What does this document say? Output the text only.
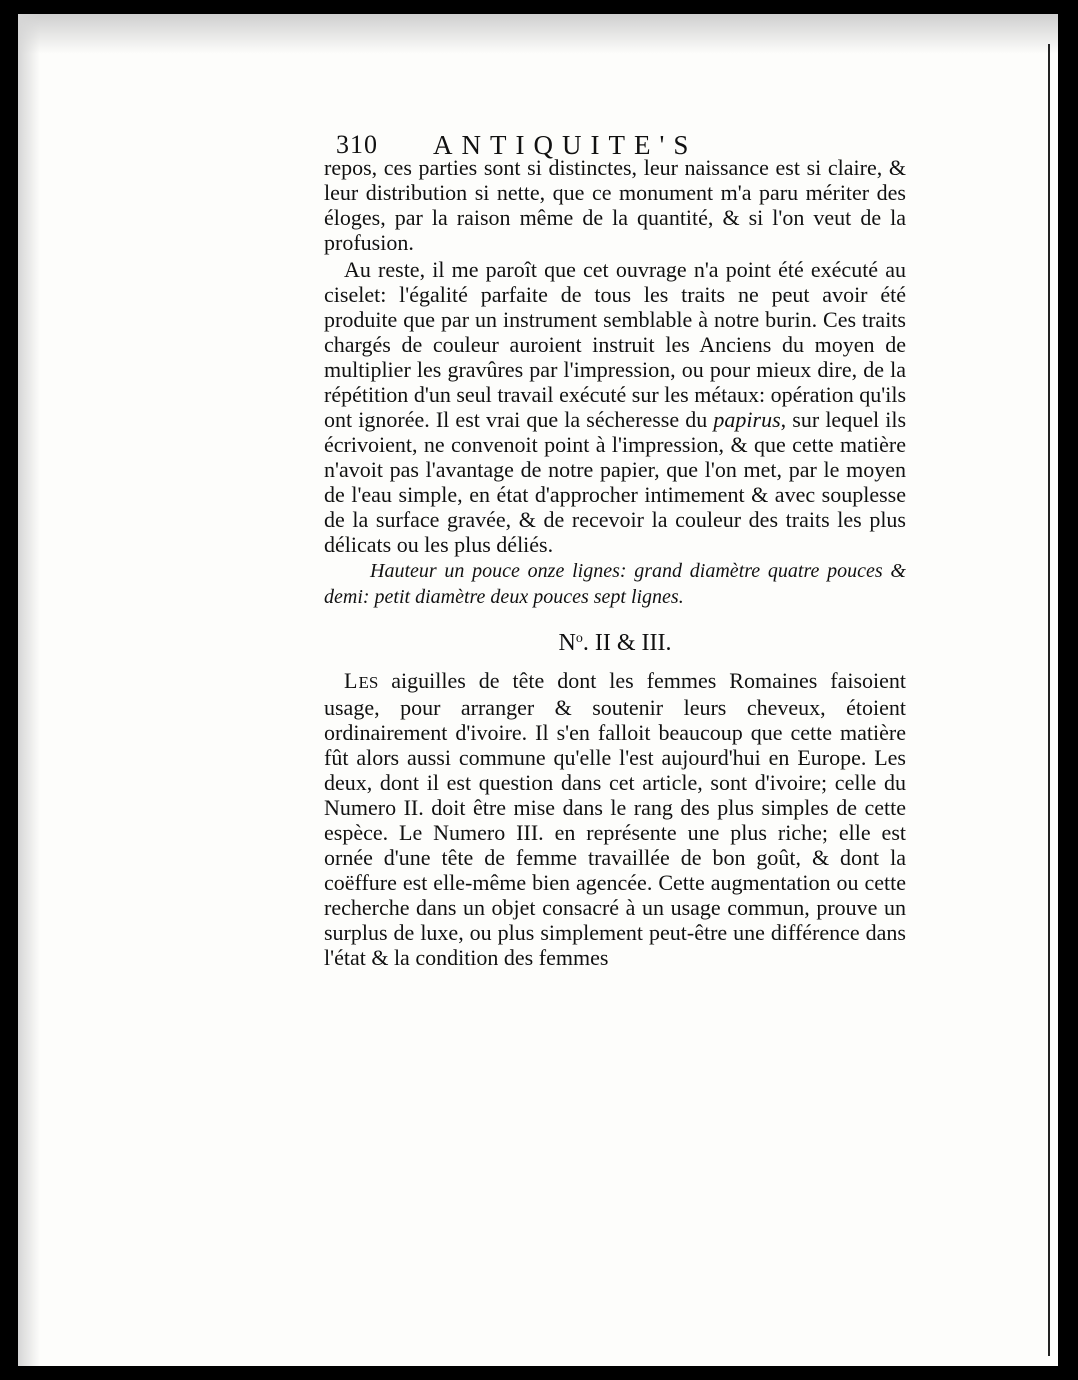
310 ANTIQUITE'S

repos, ces parties sont si distinctes, leur naissance est si claire, & leur distribution si nette, que ce monument m'a paru mériter des éloges, par la raison même de la quantité, & si l'on veut de la profusion.

Au reste, il me paroît que cet ouvrage n'a point été exécuté au ciselet: l'égalité parfaite de tous les traits ne peut avoir été produite que par un instrument semblable à notre burin. Ces traits chargés de couleur auroient instruit les Anciens du moyen de multiplier les gravûres par l'impression, ou pour mieux dire, de la répétition d'un seul travail exécuté sur les métaux: opération qu'ils ont ignorée. Il est vrai que la sécheresse du papirus, sur lequel ils écrivoient, ne convenoit point à l'impression, & que cette matière n'avoit pas l'avantage de notre papier, que l'on met, par le moyen de l'eau simple, en état d'approcher intimement & avec souplesse de la surface gravée, & de recevoir la couleur des traits les plus délicats ou les plus déliés.

Hauteur un pouce onze lignes: grand diamètre quatre pouces & demi: petit diamètre deux pouces sept lignes.

$N^o$. II & III.

LES aiguilles de tête dont les femmes Romaines faisoient usage, pour arranger & soutenir leurs cheveux, étoient ordinairement d'ivoire. Il s'en falloit beaucoup que cette matière fût alors aussi commune qu'elle l'est aujourd'hui en Europe. Les deux, dont il est question dans cet article, sont d'ivoire; celle du Numero II. doit être mise dans le rang des plus simples de cette espèce. Le Numero III. en représente une plus riche; elle est ornée d'une tête de femme travaillée de bon goût, & dont la coëffure est elle-même bien agencée. Cette augmentation ou cette recherche dans un objet consacré à un usage commun, prouve un surplus de luxe, ou plus simplement peut-être une différence dans l'état & la condition des femmes
